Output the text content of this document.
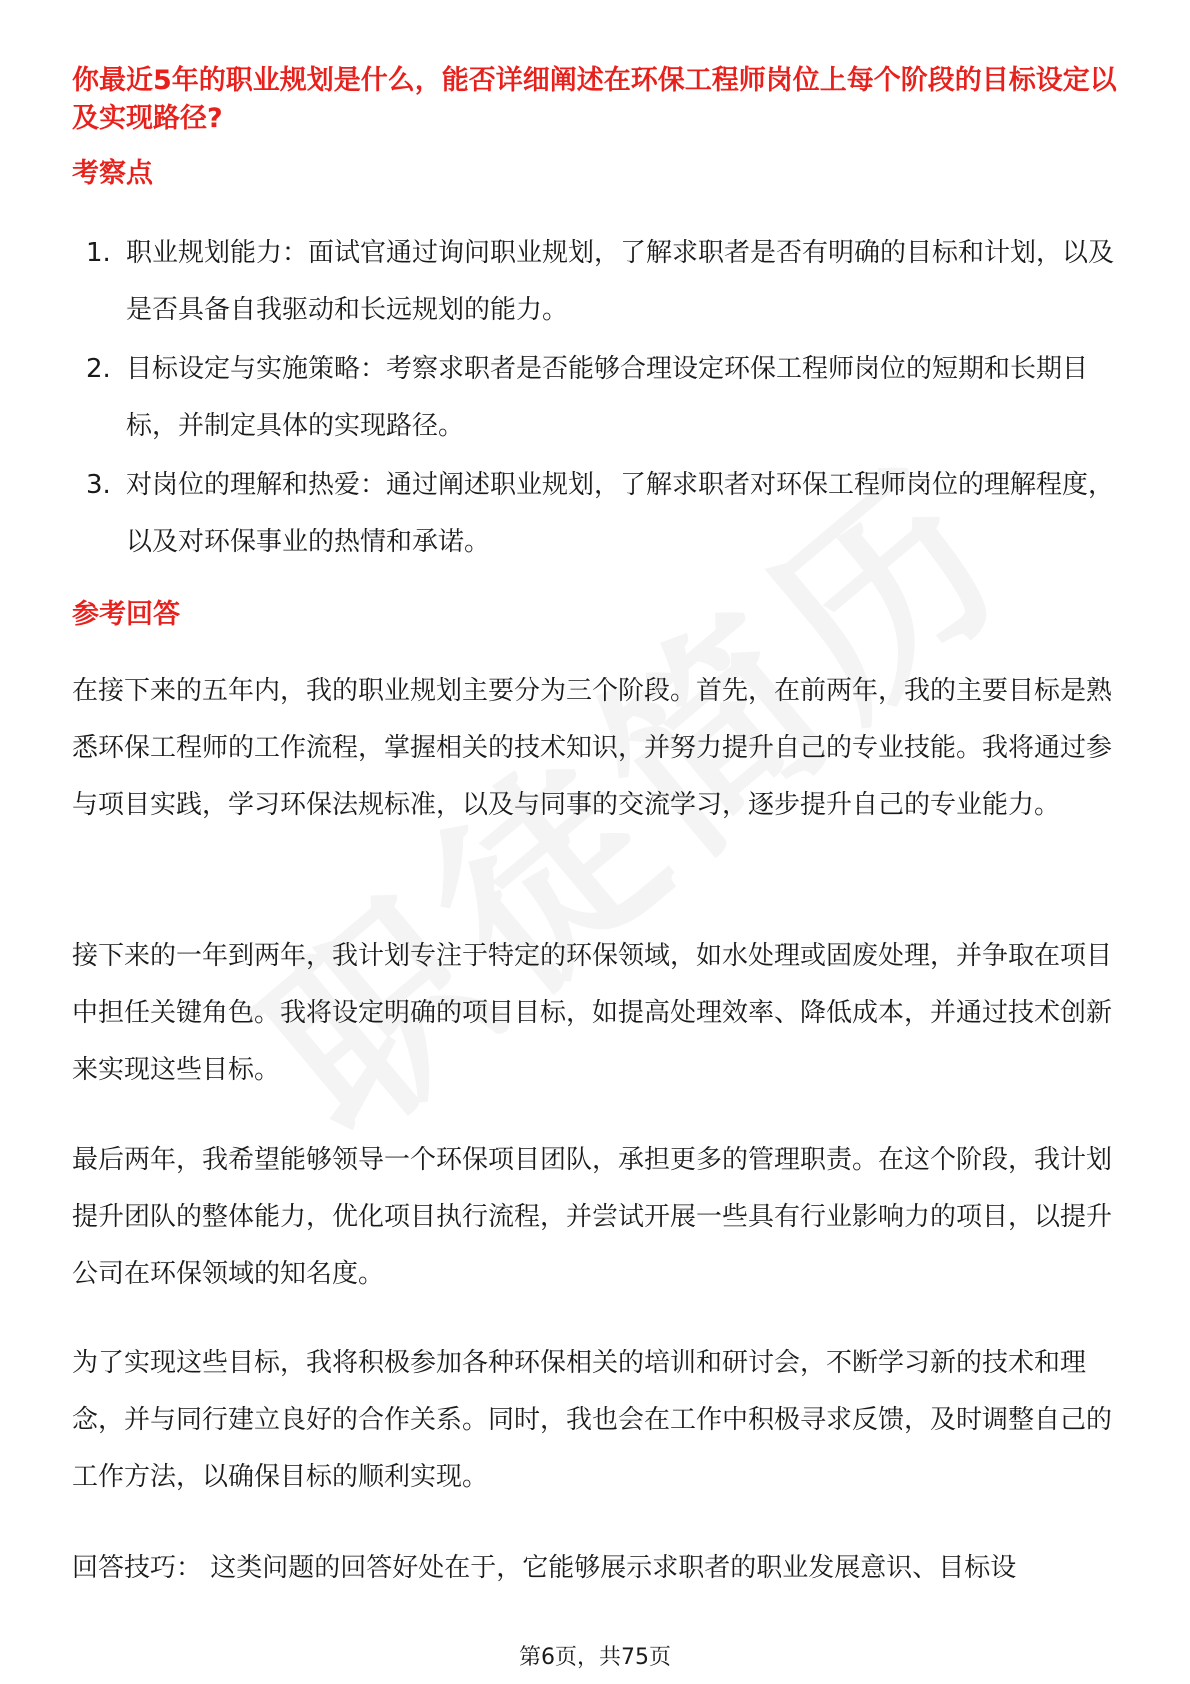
你最近5年的职业规划是什么，能否详细阐述在环保工程师岗位上每个阶段的目标设定以及实现路径?
考察点
1. 职业规划能力：面试官通过询问职业规划，了解求职者是否有明确的目标和计划，以及是否具备自我驱动和长远规划的能力。
2. 目标设定与实施策略：考察求职者是否能够合理设定环保工程师岗位的短期和长期目标，并制定具体的实现路径。
3. 对岗位的理解和热爱：通过阐述职业规划，了解求职者对环保工程师岗位的理解程度，以及对环保事业的热情和承诺。
参考回答

在接下来的五年内，我的职业规划主要分为三个阶段。首先，在前两年，我的主要目标是熟悉环保工程师的工作流程，掌握相关的技术知识，并努力提升自己的专业技能。我将通过参与项目实践，学习环保法规标准，以及与同事的交流学习，逐步提升自己的专业能力。

接下来的一年到两年，我计划专注于特定的环保领域，如水处理或固废处理，并争取在项目中担任关键角色。我将设定明确的项目目标，如提高处理效率、降低成本，并通过技术创新来实现这些目标。

最后两年，我希望能够领导一个环保项目团队，承担更多的管理职责。在这个阶段，我计划提升团队的整体能力，优化项目执行流程，并尝试开展一些具有行业影响力的项目，以提升公司在环保领域的知名度。

为了实现这些目标，我将积极参加各种环保相关的培训和研讨会，不断学习新的技术和理念，并与同行建立良好的合作关系。同时，我也会在工作中积极寻求反馈，及时调整自己的工作方法，以确保目标的顺利实现。

回答技巧： 这类问题的回答好处在于，它能够展示求职者的职业发展意识、目标设

第6页，共75页
